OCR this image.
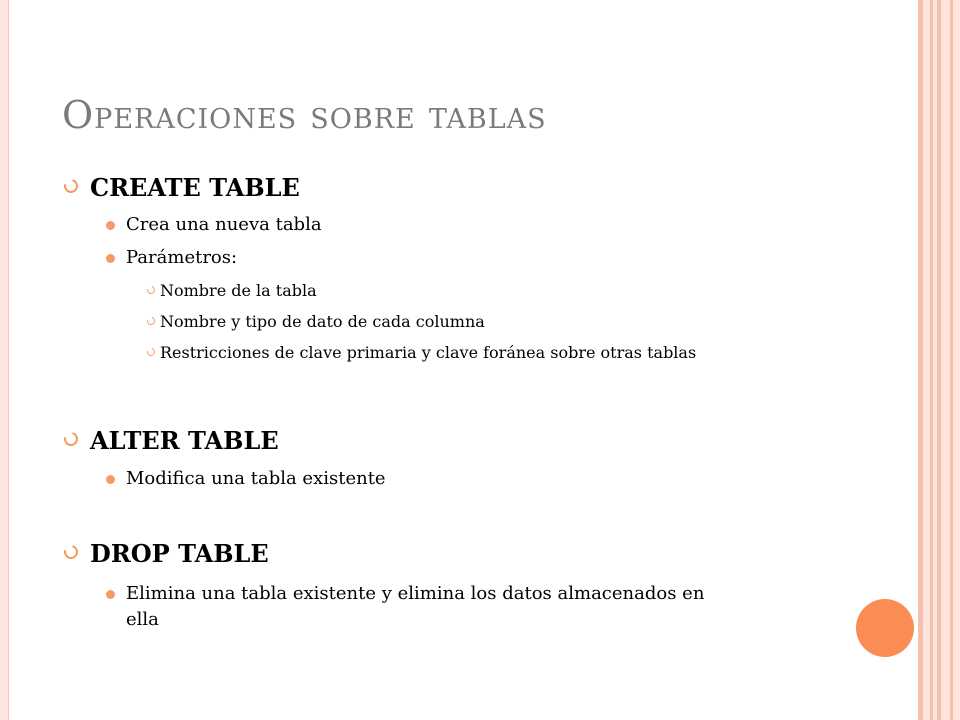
Operaciones sobre tablas
CREATE TABLE
Crea una nueva tabla
Parámetros:
Nombre de la tabla
Nombre y tipo de dato de cada columna
Restricciones de clave primaria y clave foránea sobre otras tablas
ALTER TABLE
Modifica una tabla existente
DROP TABLE
Elimina una tabla existente y elimina los datos almacenados en ella
